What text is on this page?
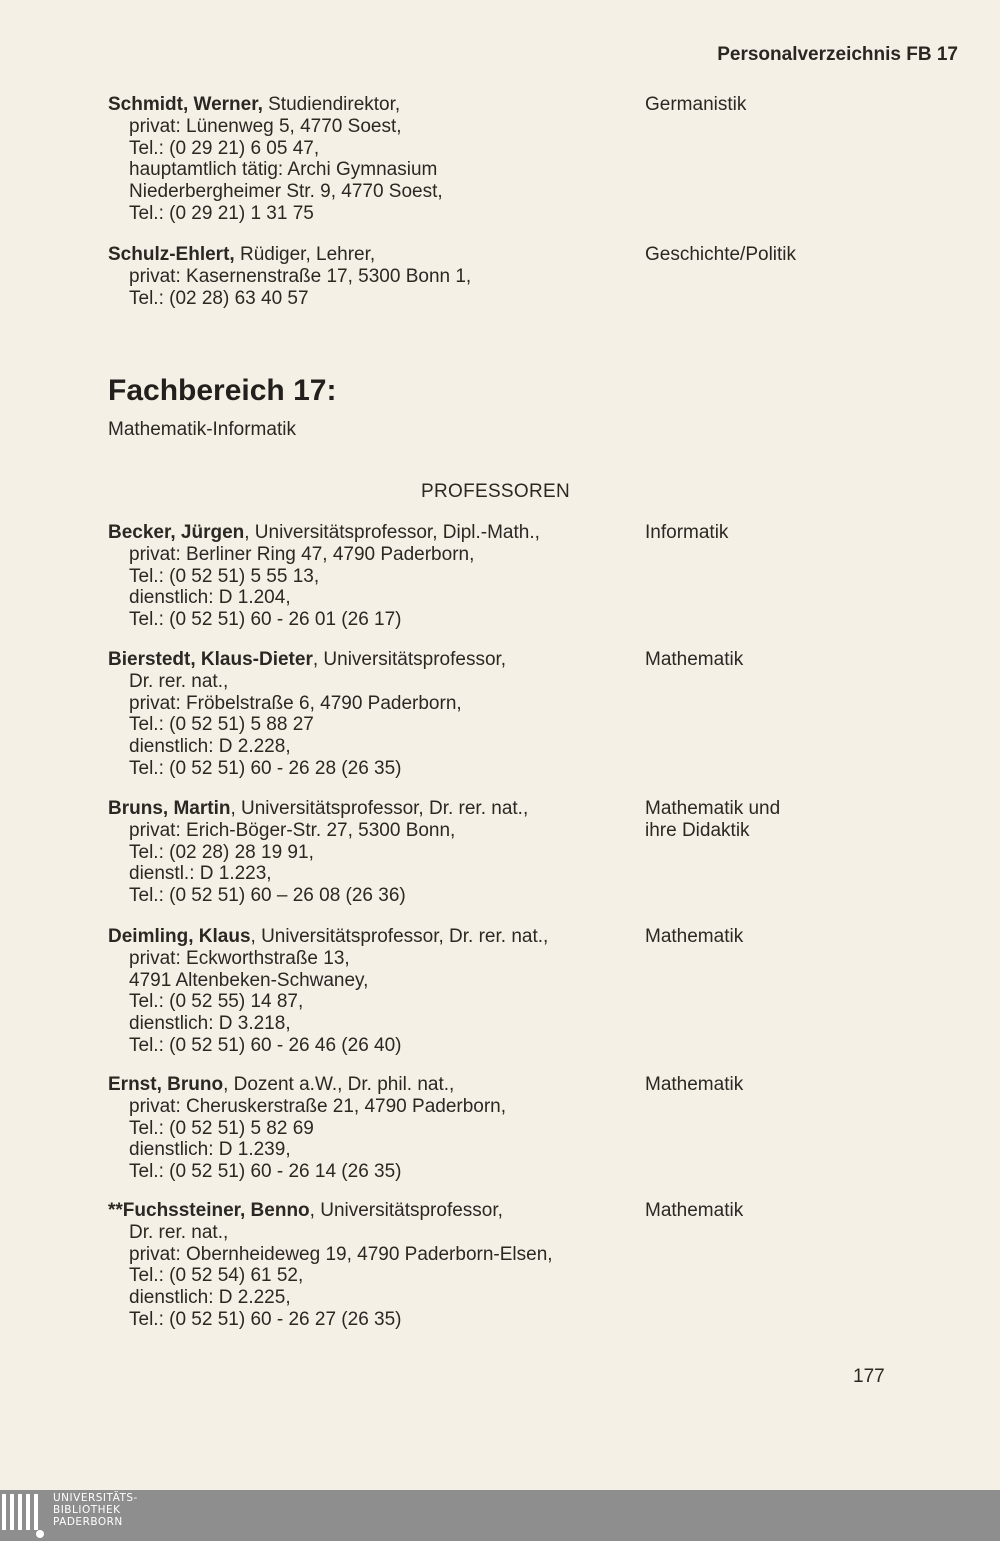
Personalverzeichnis FB 17
Schmidt, Werner, Studiendirektor,
privat: Lünenweg 5, 4770 Soest,
Tel.: (0 29 21) 6 05 47,
hauptamtlich tätig: Archi Gymnasium
Niederbergheimer Str. 9, 4770 Soest,
Tel.: (0 29 21) 1 31 75
Germanistik
Schulz-Ehlert, Rüdiger, Lehrer,
privat: Kasernenstraße 17, 5300 Bonn 1,
Tel.: (02 28) 63 40 57
Geschichte/Politik
Fachbereich 17:
Mathematik-Informatik
PROFESSOREN
Becker, Jürgen, Universitätsprofessor, Dipl.-Math.,
privat: Berliner Ring 47, 4790 Paderborn,
Tel.: (0 52 51) 5 55 13,
dienstlich: D 1.204,
Tel.: (0 52 51) 60 - 26 01 (26 17)
Informatik
Bierstedt, Klaus-Dieter, Universitätsprofessor,
Dr. rer. nat.,
privat: Fröbelstraße 6, 4790 Paderborn,
Tel.: (0 52 51) 5 88 27
dienstlich: D 2.228,
Tel.: (0 52 51) 60 - 26 28 (26 35)
Mathematik
Bruns, Martin, Universitätsprofessor, Dr. rer. nat.,
privat: Erich-Böger-Str. 27, 5300 Bonn,
Tel.: (02 28) 28 19 91,
dienstl.: D 1.223,
Tel.: (0 52 51) 60 – 26 08 (26 36)
Mathematik und
ihre Didaktik
Deimling, Klaus, Universitätsprofessor, Dr. rer. nat.,
privat: Eckworthstraße 13,
4791 Altenbeken-Schwaney,
Tel.: (0 52 55) 14 87,
dienstlich: D 3.218,
Tel.: (0 52 51) 60 - 26 46 (26 40)
Mathematik
Ernst, Bruno, Dozent a.W., Dr. phil. nat.,
privat: Cheruskerstraße 21, 4790 Paderborn,
Tel.: (0 52 51) 5 82 69
dienstlich: D 1.239,
Tel.: (0 52 51) 60 - 26 14 (26 35)
Mathematik
**Fuchssteiner, Benno, Universitätsprofessor,
Dr. rer. nat.,
privat: Obernheideweg 19, 4790 Paderborn-Elsen,
Tel.: (0 52 54) 61 52,
dienstlich: D 2.225,
Tel.: (0 52 51) 60 - 26 27 (26 35)
Mathematik
177
UNIVERSITÄTS-
BIBLIOTHEK
PADERBORN
